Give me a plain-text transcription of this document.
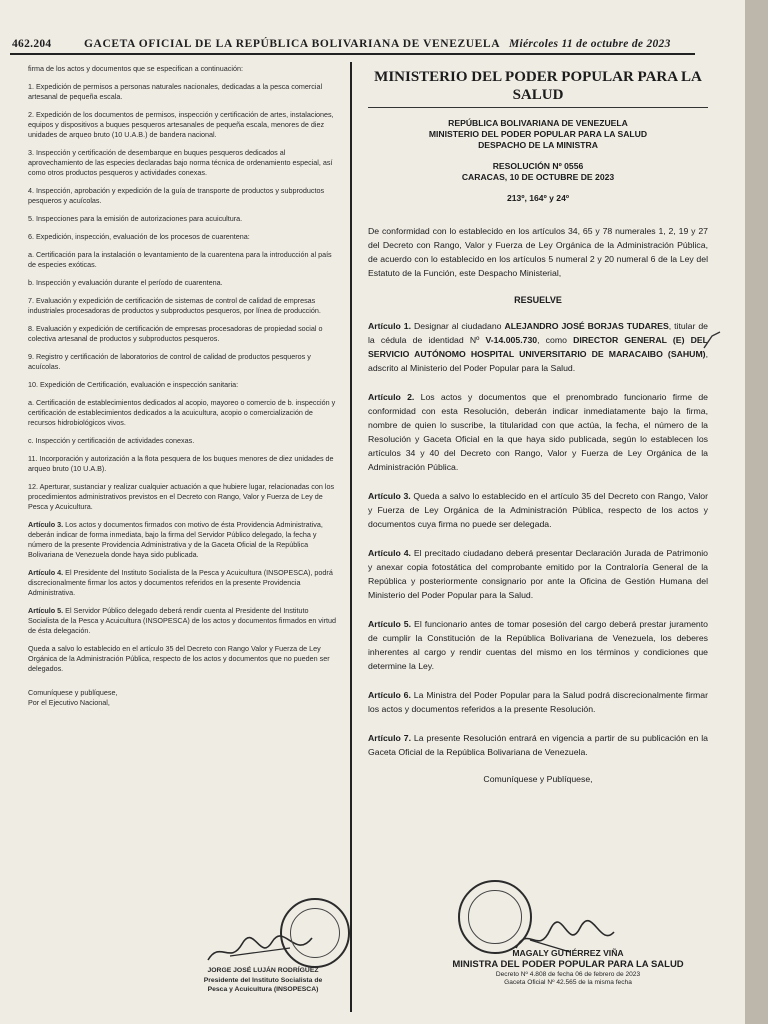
462.204	GACETA OFICIAL DE LA REPÚBLICA BOLIVARIANA DE VENEZUELA Miércoles 11 de octubre de 2023

firma de los actos y documentos que se especifican a continuación:

1. Expedición de permisos a personas naturales nacionales, dedicadas a la pesca comercial artesanal de pequeña escala.

2. Expedición de los documentos de permisos, inspección y certificación de artes, instalaciones, equipos y dispositivos a buques pesqueros artesanales de pequeña escala, menores de diez unidades de arqueo bruto (10 U.A.B.) de bandera nacional.

3. Inspección y certificación de desembarque en buques pesqueros dedicados al aprovechamiento de las especies declaradas bajo norma técnica de ordenamiento especial, así como otros productos pesqueros y actividades conexas.

4. Inspección, aprobación y expedición de la guía de transporte de productos y subproductos pesqueros y acuícolas.

5. Inspecciones para la emisión de autorizaciones para acuicultura.

6. Expedición, inspección, evaluación de los procesos de cuarentena:

a. Certificación para la instalación o levantamiento de la cuarentena para la introducción al país de especies exóticas.

b. Inspección y evaluación durante el período de cuarentena.

7. Evaluación y expedición de certificación de sistemas de control de calidad de empresas industriales procesadoras de productos y subproductos pesqueros, por línea de producción.

8. Evaluación y expedición de certificación de empresas procesadoras de propiedad social o colectiva artesanal de productos y subproductos pesqueros.

9. Registro y certificación de laboratorios de control de calidad de productos pesqueros y acuícolas.

10. Expedición de Certificación, evaluación e inspección sanitaria:

a. Certificación de establecimientos dedicados al acopio, mayoreo o comercio de b. inspección y certificación de establecimientos dedicados a la acuicultura, acopio o comercialización de recursos hidrobiológicos vivos.

c. Inspección y certificación de actividades conexas.

11. Incorporación y autorización a la flota pesquera de los buques menores de diez unidades de arqueo bruto (10 U.A.B).

12. Aperturar, sustanciar y realizar cualquier actuación a que hubiere lugar, relacionadas con los procedimientos administrativos previstos en el Decreto con Rango, Valor y Fuerza de Ley de Pesca y Acuicultura.

Artículo 3. Los actos y documentos firmados con motivo de ésta Providencia Administrativa, deberán indicar de forma inmediata, bajo la firma del Servidor Público delegado, la fecha y número de la presente Providencia Administrativa y de la Gaceta Oficial de la República Bolivariana de Venezuela donde haya sido publicada.

Artículo 4. El Presidente del Instituto Socialista de la Pesca y Acuicultura (INSOPESCA), podrá discrecionalmente firmar los actos y documentos referidos en la presente Providencia Administrativa.

Artículo 5. El Servidor Público delegado deberá rendir cuenta al Presidente del Instituto Socialista de la Pesca y Acuicultura (INSOPESCA) de los actos y documentos firmados en virtud de ésta delegación.

Queda a salvo lo establecido en el artículo 35 del Decreto con Rango Valor y Fuerza de Ley Orgánica de la Administración Pública, respecto de los actos y documentos que no pueden ser delegados.

Comuníquese y publíquese,
Por el Ejecutivo Nacional,
JORGE JOSÉ LUJÁN RODRÍGUEZ
Presidente del Instituto Socialista de
Pesca y Acuicultura (INSOPESCA)
MINISTERIO DEL PODER POPULAR PARA LA SALUD
REPÚBLICA BOLIVARIANA DE VENEZUELA
MINISTERIO DEL PODER POPULAR PARA LA SALUD
DESPACHO DE LA MINISTRA
RESOLUCIÓN Nº 0556
CARACAS, 10 DE OCTUBRE DE 2023
213º, 164º y 24º

De conformidad con lo establecido en los artículos 34, 65 y 78 numerales 1, 2, 19 y 27 del Decreto con Rango, Valor y Fuerza de Ley Orgánica de la Administración Pública, de acuerdo con lo establecido en los artículos 5 numeral 2 y 20 numeral 6 de la Ley del Estatuto de la Función, este Despacho Ministerial,

RESUELVE

Artículo 1. Designar al ciudadano ALEJANDRO JOSÉ BORJAS TUDARES, titular de la cédula de identidad Nº V-14.005.730, como DIRECTOR GENERAL (E) DEL SERVICIO AUTÓNOMO HOSPITAL UNIVERSITARIO DE MARACAIBO (SAHUM), adscrito al Ministerio del Poder Popular para la Salud.

Artículo 2. Los actos y documentos que el prenombrado funcionario firme de conformidad con esta Resolución, deberán indicar inmediatamente bajo la firma, nombre de quien lo suscribe, la titularidad con que actúa, la fecha, el número de la Resolución y Gaceta Oficial en la que haya sido publicada, según lo establecen los artículos 34 y 40 del Decreto con Rango, Valor y Fuerza de Ley Orgánica de la Administración Pública.

Artículo 3. Queda a salvo lo establecido en el artículo 35 del Decreto con Rango, Valor y Fuerza de Ley Orgánica de la Administración Pública, respecto de los actos y documentos cuya firma no puede ser delegada.

Artículo 4. El precitado ciudadano deberá presentar Declaración Jurada de Patrimonio y anexar copia fotostática del comprobante emitido por la Contraloría General de la República y posteriormente consignario por ante la Oficina de Gestión Humana del Ministerio del Poder Popular para la Salud.

Artículo 5. El funcionario antes de tomar posesión del cargo deberá prestar juramento de cumplir la Constitución de la República Bolivariana de Venezuela, los deberes inherentes al cargo y rendir cuentas del mismo en los términos y condiciones que determine la Ley.

Artículo 6. La Ministra del Poder Popular para la Salud podrá discrecionalmente firmar los actos y documentos referidos a la presente Resolución.

Artículo 7. La presente Resolución entrará en vigencia a partir de su publicación en la Gaceta Oficial de la República Bolivariana de Venezuela.

Comuníquese y Publíquese,
MAGALY GUTIÉRREZ VIÑA
MINISTRA DEL PODER POPULAR PARA LA SALUD
Decreto Nº 4.808 de fecha 06 de febrero de 2023
Gaceta Oficial Nº 42.565 de la misma fecha
